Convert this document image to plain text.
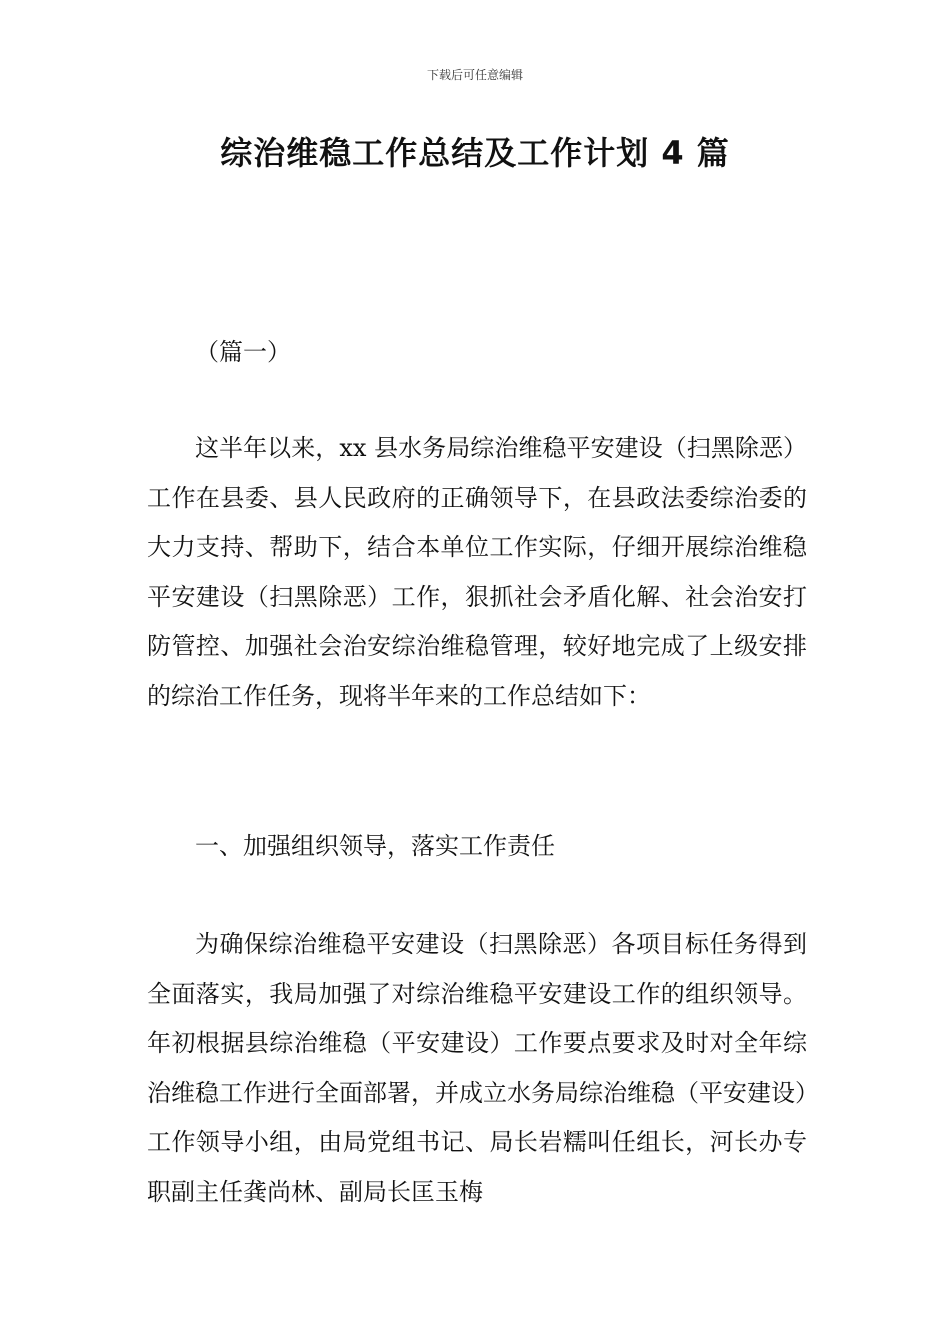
下载后可任意编辑
综治维稳工作总结及工作计划 4 篇
（篇一）

这半年以来，xx 县水务局综治维稳平安建设（扫黑除恶）工作在县委、县人民政府的正确领导下，在县政法委综治委的大力支持、帮助下，结合本单位工作实际，仔细开展综治维稳平安建设（扫黑除恶）工作，狠抓社会矛盾化解、社会治安打防管控、加强社会治安综治维稳管理，较好地完成了上级安排的综治工作任务，现将半年来的工作总结如下：

一、加强组织领导，落实工作责任

为确保综治维稳平安建设（扫黑除恶）各项目标任务得到全面落实，我局加强了对综治维稳平安建设工作的组织领导。年初根据县综治维稳（平安建设）工作要点要求及时对全年综治维稳工作进行全面部署，并成立水务局综治维稳（平安建设）工作领导小组，由局党组书记、局长岩糯叫任组长，河长办专职副主任龚尚林、副局长匡玉梅
